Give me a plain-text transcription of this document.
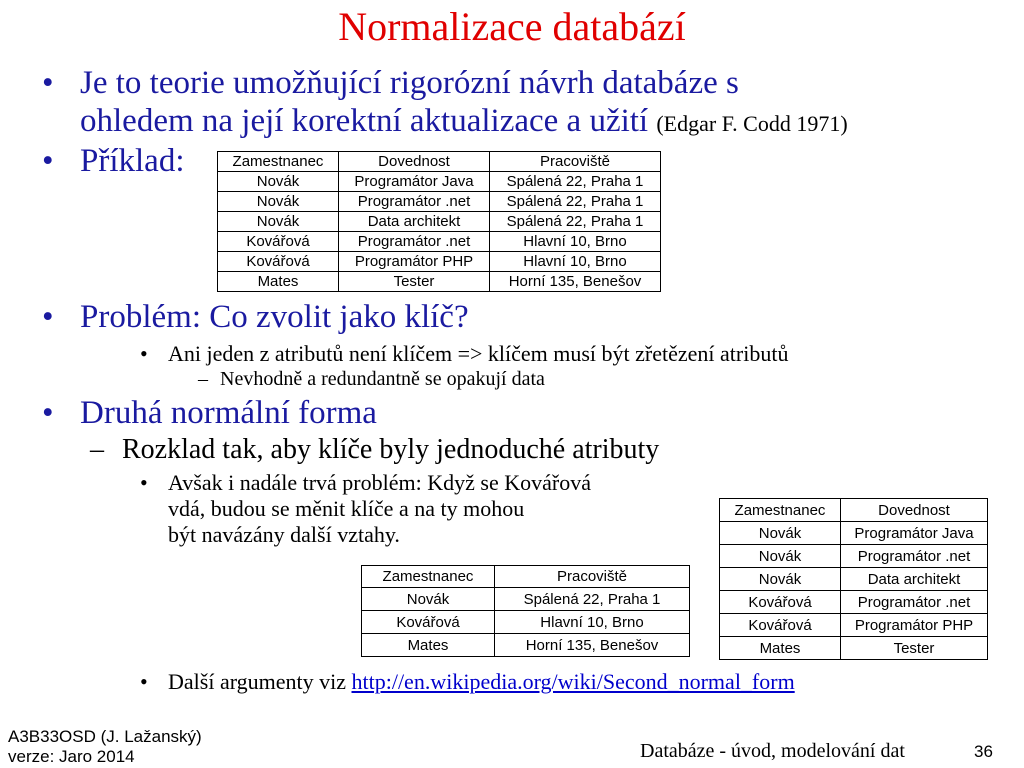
Normalizace databází
• Je to teorie umožňující rigorózní návrh databáze s
ohledem na její korektní aktualizace a užití (Edgar F. Codd 1971)
• Příklad:	Zamestnanec	Dovednost	Pracoviště
Novák	Programátor Java	Spálená 22, Praha 1
Novák	Programátor .net	Spálená 22, Praha 1
Novák	Data architekt	Spálená 22, Praha 1
Kovářová	Programátor .net	Hlavní 10, Brno
Kovářová	Programátor PHP	Hlavní 10, Brno
Mates	Tester	Horní 135, Benešov
• Problém: Co zvolit jako klíč?
• Ani jeden z atributů není klíčem => klíčem musí být zřetězení atributů
– Nevhodně a redundantně se opakují data
• Druhá normální forma
– Rozklad tak, aby klíče byly jednoduché atributy
• Avšak i nadále trvá problém: Když se Kovářová
vdá, budou se měnit klíče a na ty mohou
být navázány další vztahy.
Zamestnanec	Pracoviště
Novák	Spálená 22, Praha 1
Kovářová	Hlavní 10, Brno
Mates	Horní 135, Benešov
Zamestnanec	Dovednost
Novák	Programátor Java
Novák	Programátor .net
Novák	Data architekt
Kovářová	Programátor .net
Kovářová	Programátor PHP
Mates	Tester
• Další argumenty viz http://en.wikipedia.org/wiki/Second_normal_form
A3B33OSD (J. Lažanský)
verze: Jaro 2014	Databáze - úvod, modelování dat	36
